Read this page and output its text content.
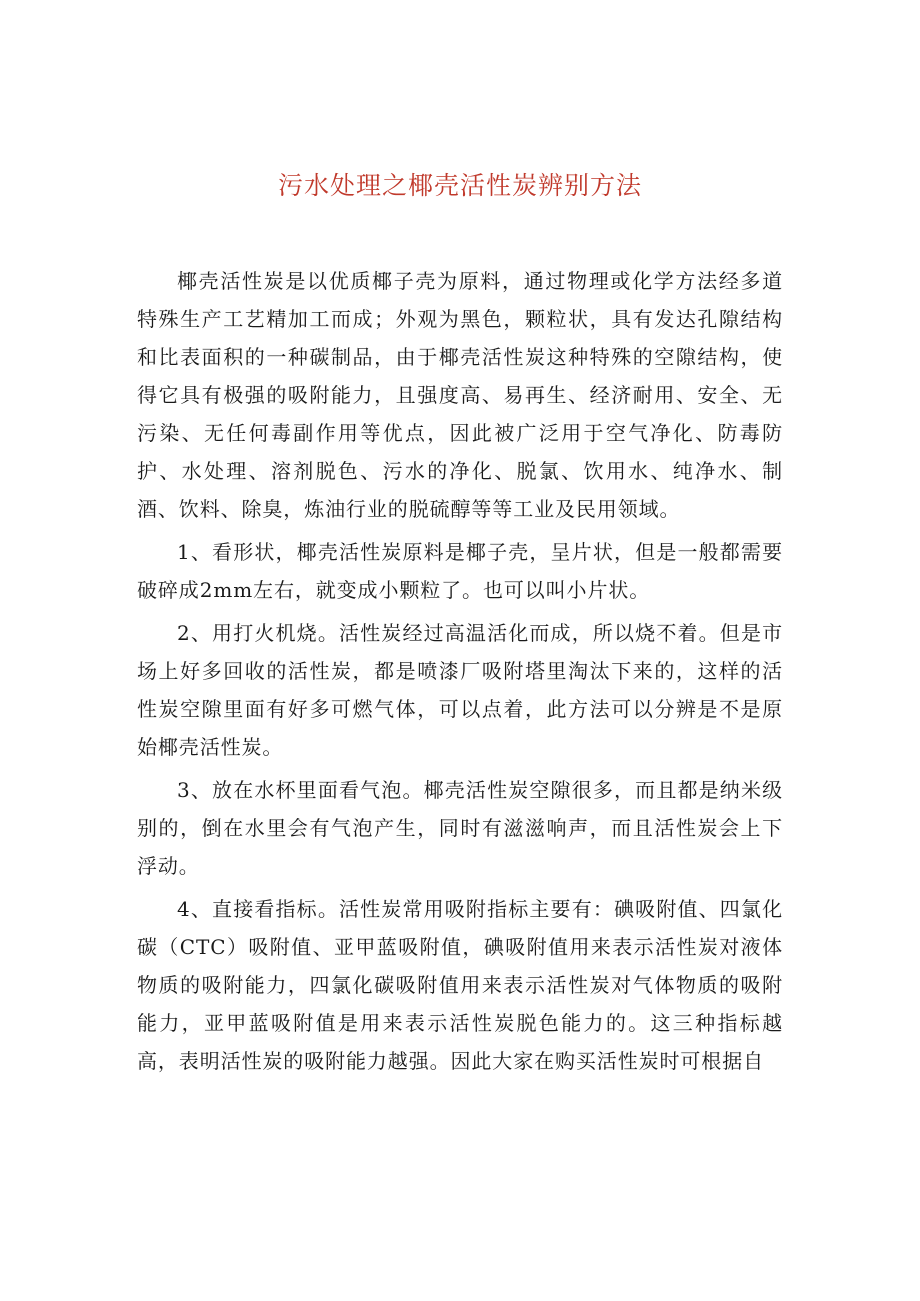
污水处理之椰壳活性炭辨别方法

椰壳活性炭是以优质椰子壳为原料，通过物理或化学方法经多道特殊生产工艺精加工而成；外观为黑色，颗粒状，具有发达孔隙结构和比表面积的一种碳制品，由于椰壳活性炭这种特殊的空隙结构，使得它具有极强的吸附能力，且强度高、易再生、经济耐用、安全、无污染、无任何毒副作用等优点，因此被广泛用于空气净化、防毒防护、水处理、溶剂脱色、污水的净化、脱氯、饮用水、纯净水、制酒、饮料、除臭，炼油行业的脱硫醇等等工业及民用领域。

1、看形状，椰壳活性炭原料是椰子壳，呈片状，但是一般都需要破碎成2mm左右，就变成小颗粒了。也可以叫小片状。

2、用打火机烧。活性炭经过高温活化而成，所以烧不着。但是市场上好多回收的活性炭，都是喷漆厂吸附塔里淘汰下来的，这样的活性炭空隙里面有好多可燃气体，可以点着，此方法可以分辨是不是原始椰壳活性炭。

3、放在水杯里面看气泡。椰壳活性炭空隙很多，而且都是纳米级别的，倒在水里会有气泡产生，同时有滋滋响声，而且活性炭会上下浮动。

4、直接看指标。活性炭常用吸附指标主要有：碘吸附值、四氯化碳（CTC）吸附值、亚甲蓝吸附值，碘吸附值用来表示活性炭对液体物质的吸附能力，四氯化碳吸附值用来表示活性炭对气体物质的吸附能力，亚甲蓝吸附值是用来表示活性炭脱色能力的。这三种指标越高，表明活性炭的吸附能力越强。因此大家在购买活性炭时可根据自
